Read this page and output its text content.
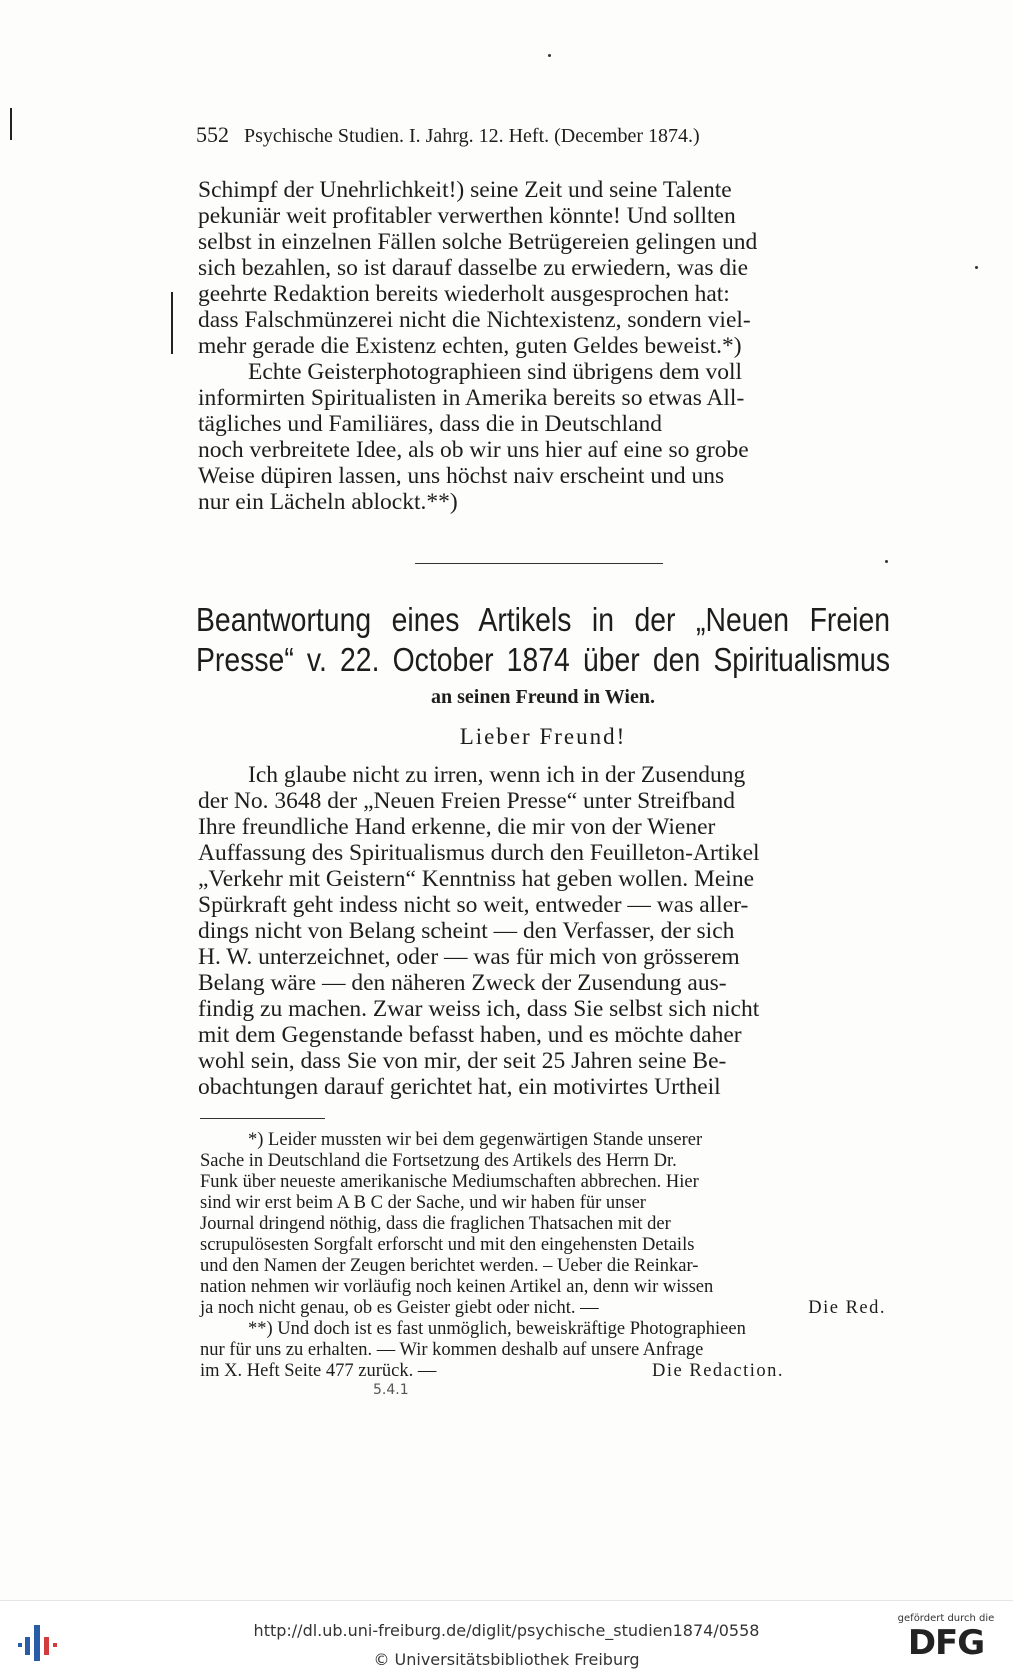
552 Psychische Studien. I. Jahrg. 12. Heft. (December 1874.)

Schimpf der Unehrlichkeit!) seine Zeit und seine Talente

pekuniär weit profitabler verwerthen könnte! Und sollten

selbst in einzelnen Fällen solche Betrügereien gelingen und

sich bezahlen, so ist darauf dasselbe zu erwiedern, was die

geehrte Redaktion bereits wiederholt ausgesprochen hat:

dass Falschmünzerei nicht die Nichtexistenz, sondern viel-

mehr gerade die Existenz echten, guten Geldes beweist.*)

Echte Geisterphotographieen sind übrigens dem voll

informirten Spiritualisten in Amerika bereits so etwas All-

tägliches und Familiäres, dass die in Deutschland

noch verbreitete Idee, als ob wir uns hier auf eine so grobe

Weise düpiren lassen, uns höchst naiv erscheint und uns

nur ein Lächeln ablockt.**)

Beantwortung eines Artikels in der „Neuen Freien
Presse“ v. 22. October 1874 über den Spiritualismus
an seinen Freund in Wien.
Lieber Freund!

Ich glaube nicht zu irren, wenn ich in der Zusendung

der No. 3648 der „Neuen Freien Presse“ unter Streifband

Ihre freundliche Hand erkenne, die mir von der Wiener

Auffassung des Spiritualismus durch den Feuilleton-Artikel

„Verkehr mit Geistern“ Kenntniss hat geben wollen. Meine

Spürkraft geht indess nicht so weit, entweder — was aller-

dings nicht von Belang scheint — den Verfasser, der sich

H. W. unterzeichnet, oder — was für mich von grösserem

Belang wäre — den näheren Zweck der Zusendung aus-

findig zu machen. Zwar weiss ich, dass Sie selbst sich nicht

mit dem Gegenstande befasst haben, und es möchte daher

wohl sein, dass Sie von mir, der seit 25 Jahren seine Be-

obachtungen darauf gerichtet hat, ein motivirtes Urtheil

*) Leider mussten wir bei dem gegenwärtigen Stande unserer

Sache in Deutschland die Fortsetzung des Artikels des Herrn Dr.

Funk über neueste amerikanische Mediumschaften abbrechen. Hier

sind wir erst beim A B C der Sache, und wir haben für unser

Journal dringend nöthig, dass die fraglichen Thatsachen mit der

scrupulösesten Sorgfalt erforscht und mit den eingehensten Details

und den Namen der Zeugen berichtet werden. – Ueber die Reinkar-

nation nehmen wir vorläufig noch keinen Artikel an, denn wir wissen

ja noch nicht genau, ob es Geister giebt oder nicht. —	Die Red.

**) Und doch ist es fast unmöglich, beweiskräftige Photographieen

nur für uns zu erhalten. — Wir kommen deshalb auf unsere Anfrage

im X. Heft Seite 477 zurück. —	Die Redaction.

5.4.1
http://dl.ub.uni-freiburg.de/diglit/psychische_studien1874/0558
© Universitätsbibliothek Freiburg
gefördert durch die
DFG
